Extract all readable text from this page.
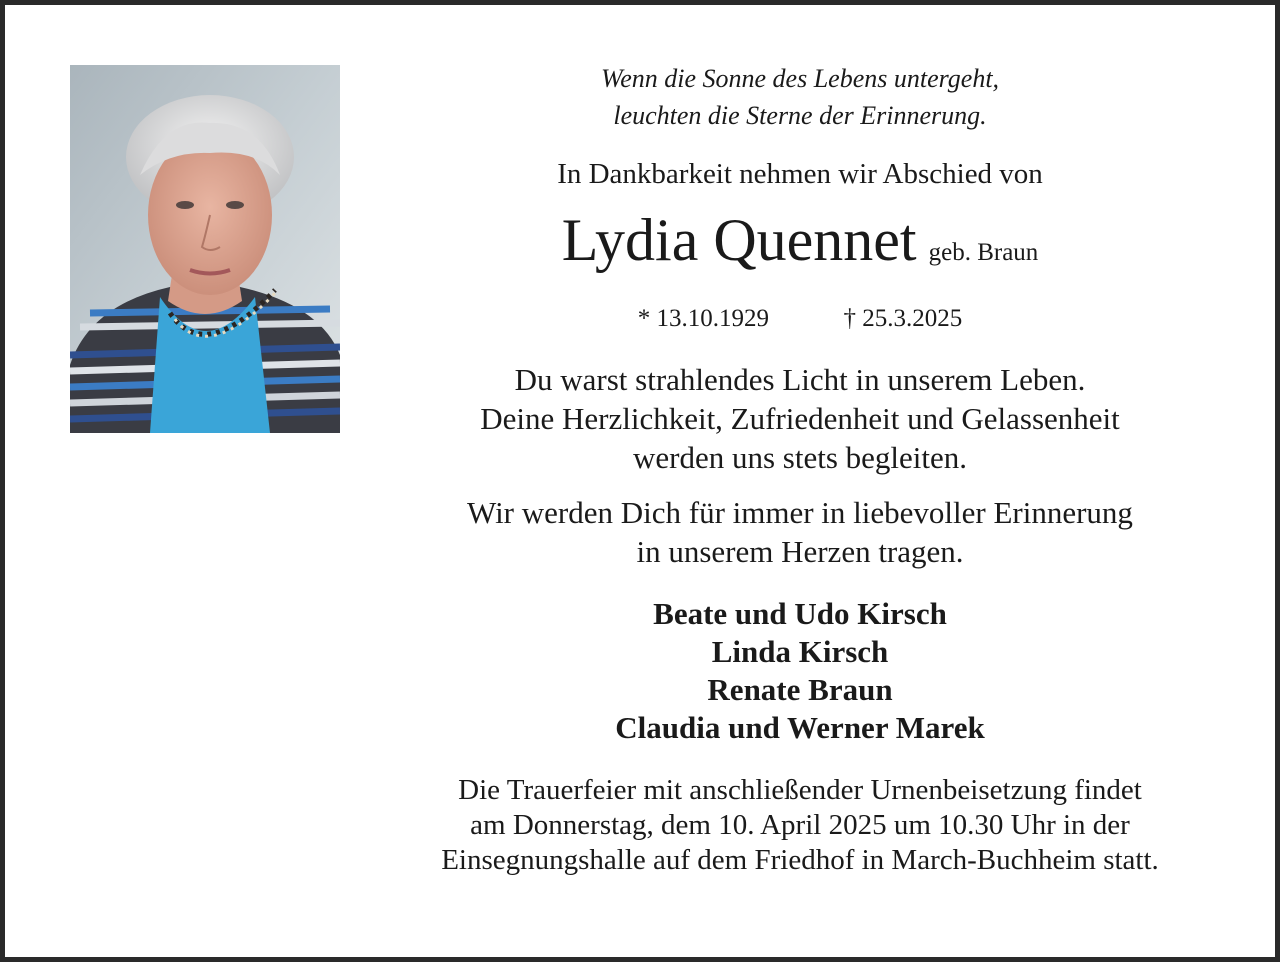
Wenn die Sonne des Lebens untergeht,
leuchten die Sterne der Erinnerung.
In Dankbarkeit nehmen wir Abschied von
Lydia Quennet geb. Braun
* 13.10.1929	† 25.3.2025
Du warst strahlendes Licht in unserem Leben.
Deine Herzlichkeit, Zufriedenheit und Gelassenheit
werden uns stets begleiten.
Wir werden Dich für immer in liebevoller Erinnerung
in unserem Herzen tragen.
Beate und Udo Kirsch
Linda Kirsch
Renate Braun
Claudia und Werner Marek
Die Trauerfeier mit anschließender Urnenbeisetzung findet
am Donnerstag, dem 10. April 2025 um 10.30 Uhr in der
Einsegnungshalle auf dem Friedhof in March-Buchheim statt.
